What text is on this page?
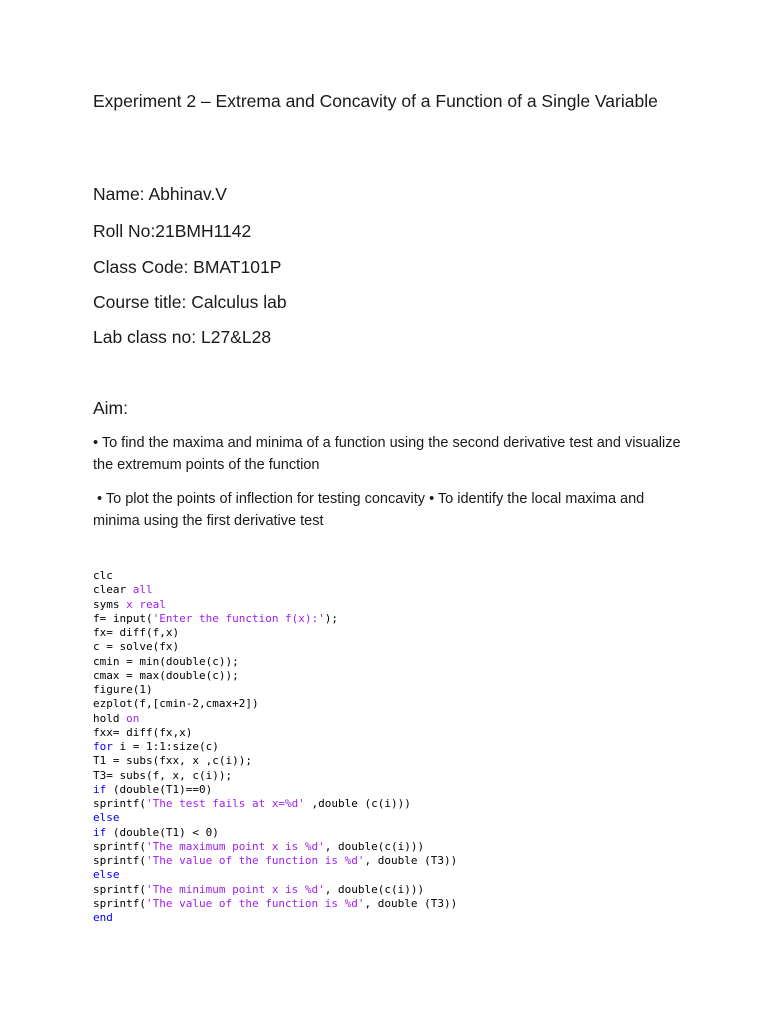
Experiment 2 – Extrema and Concavity of a Function of a Single Variable

Name: Abhinav.V

Roll No:21BMH1142

Class Code: BMAT101P

Course title: Calculus lab

Lab class no: L27&L28

Aim:

• To find the maxima and minima of a function using the second derivative test and visualize the extremum points of the function

• To plot the points of inflection for testing concavity • To identify the local maxima and minima using the first derivative test

clc
clear all
syms x real
f= input('Enter the function f(x):');
fx= diff(f,x)
c = solve(fx)
cmin = min(double(c));
cmax = max(double(c));
figure(1)
ezplot(f,[cmin-2,cmax+2])
hold on
fxx= diff(fx,x)
for i = 1:1:size(c)
T1 = subs(fxx, x ,c(i));
T3= subs(f, x, c(i));
if (double(T1)==0)
sprintf('The test fails at x=%d' ,double (c(i)))
else
if (double(T1) < 0)
sprintf('The maximum point x is %d', double(c(i)))
sprintf('The value of the function is %d', double (T3))
else
sprintf('The minimum point x is %d', double(c(i)))
sprintf('The value of the function is %d', double (T3))
end
